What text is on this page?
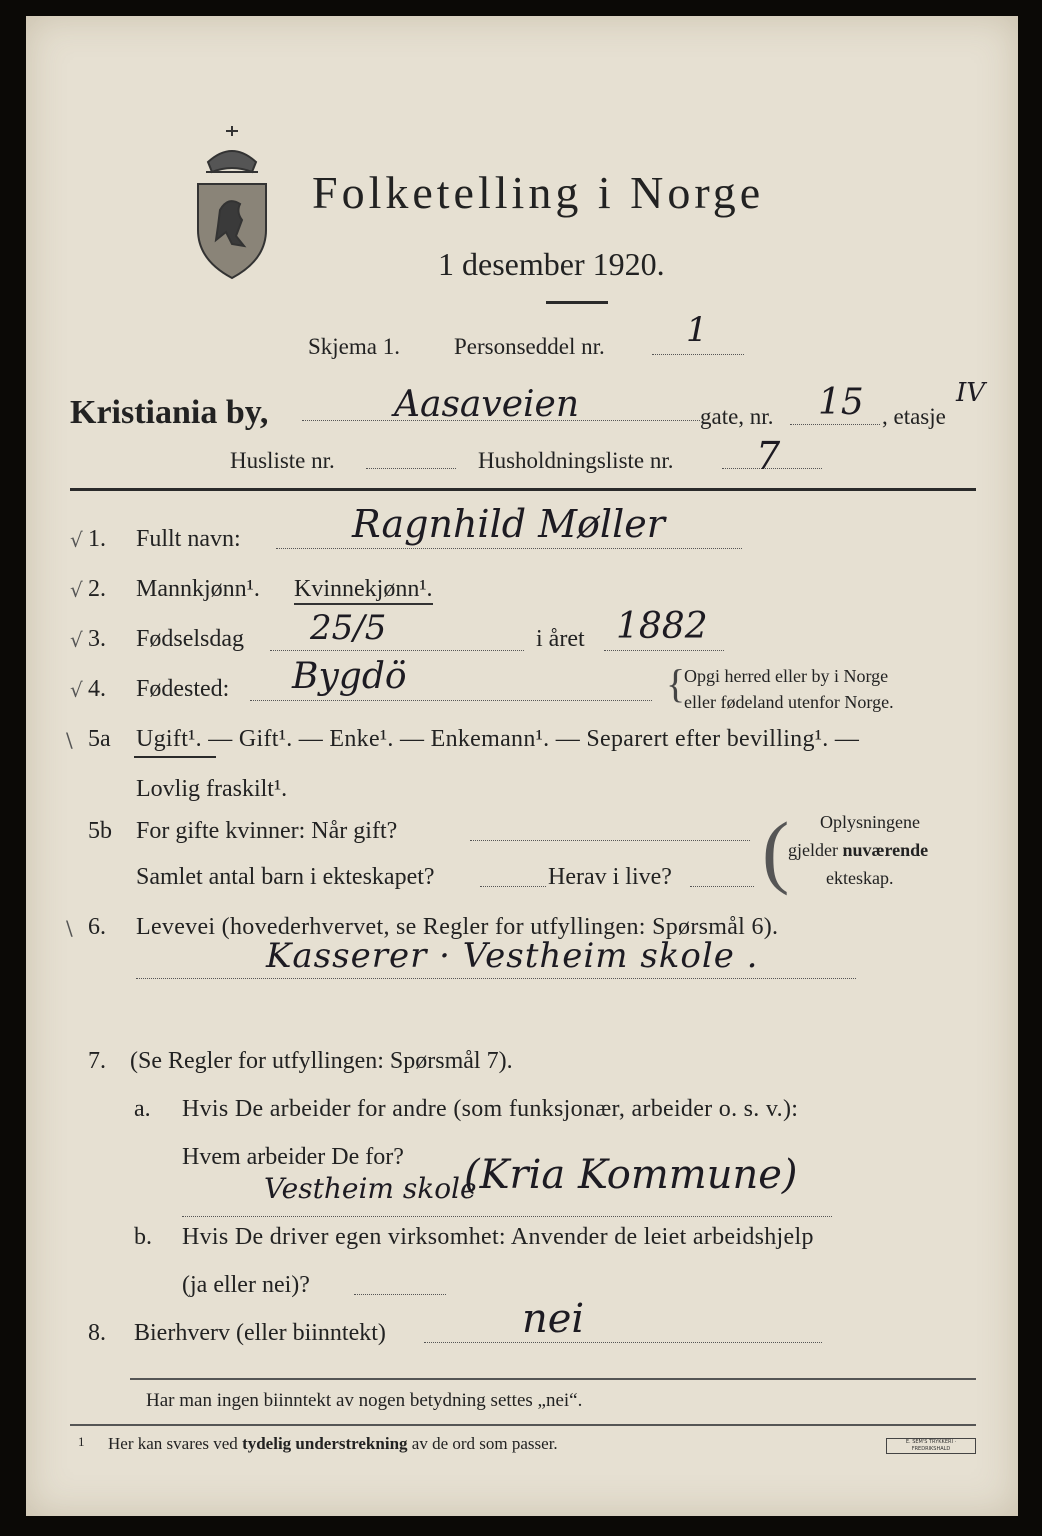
Folketelling i Norge
1 desember 1920.
Skjema 1. Personseddel nr. 1
Kristiania by,	Aasaveien	gate, nr. 15 , etasje
IV
Husliste nr.	Husholdningsliste nr. 7
√ 1. Fullt navn:	Ragnhild Møller
√ 2. Mannkjønn¹. Kvinnekjønn¹.
√ 3. Fødselsdag 25/5	i året 1882
√ 4. Fødested: Bygdö	{
Opgi herred eller by i Norge
eller fødeland utenfor Norge.
\ 5a Ugift¹. — Gift¹. — Enke¹. — Enkemann¹. — Separert efter bevilling¹. —
Lovlig fraskilt¹.
5b For gifte kvinner: Når gift?
Samlet antal barn i ekteskapet?	Herav i live? ( Oplysningene
gjelder nuværende
ekteskap.
\ 6. Levevei (hovederhvervet, se Regler for utfyllingen: Spørsmål 6).
Kasserer · Vestheim skole .
7. (Se Regler for utfyllingen: Spørsmål 7).
a. Hvis De arbeider for andre (som funksjonær, arbeider o. s. v.):
Hvem arbeider De for? (Kria Kommune)
Vestheim skole
b. Hvis De driver egen virksomhet: Anvender de leiet arbeidshjelp
(ja eller nei)?
8. Bierhverv (eller biinntekt)	nei
Har man ingen biinntekt av nogen betydning settes „nei“.
1 Her kan svares ved tydelig understrekning av de ord som passer.	E. SEM'S TRYKKERI · FREDRIKSHALD
